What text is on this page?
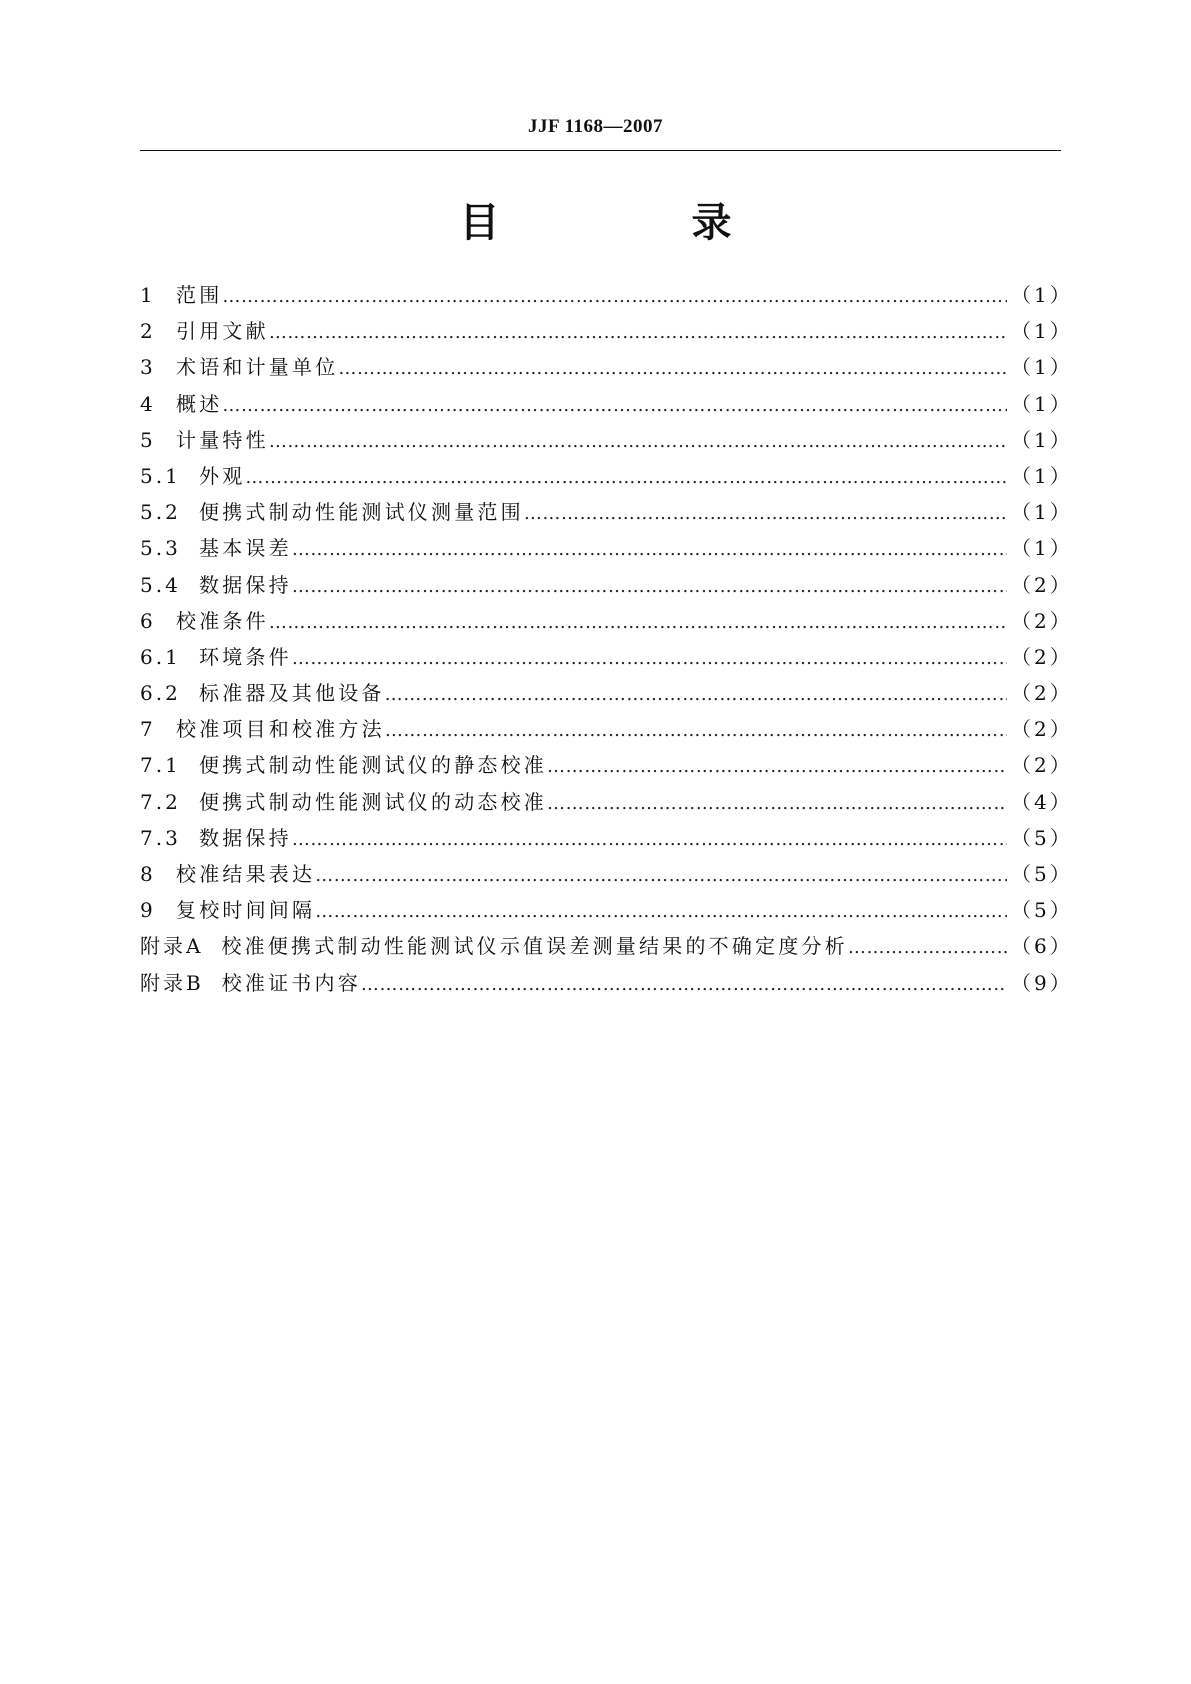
JJF 1168—2007
目　录
1	范围 …………………………………………………………………………………………………………………………………………………………………………………………………………	（1）
2	引用文献 …………………………………………………………………………………………………………………………………………………………………………………………………………	（1）
3	术语和计量单位 …………………………………………………………………………………………………………………………………………………………………………………………………………	（1）
4	概述 …………………………………………………………………………………………………………………………………………………………………………………………………………	（1）
5	计量特性 …………………………………………………………………………………………………………………………………………………………………………………………………………	（1）
5.1 外观 …………………………………………………………………………………………………………………………………………………………………………………………………………	（1）
5.2 便携式制动性能测试仪测量范围 …………………………………………………………………………………………………………………………………………………………………………………………………………	（1）
5.3 基本误差 …………………………………………………………………………………………………………………………………………………………………………………………………………	（1）
5.4 数据保持 …………………………………………………………………………………………………………………………………………………………………………………………………………	（2）
6	校准条件 …………………………………………………………………………………………………………………………………………………………………………………………………………	（2）
6.1 环境条件 …………………………………………………………………………………………………………………………………………………………………………………………………………	（2）
6.2 标准器及其他设备 …………………………………………………………………………………………………………………………………………………………………………………………………………	（2）
7	校准项目和校准方法 …………………………………………………………………………………………………………………………………………………………………………………………………………	（2）
7.1 便携式制动性能测试仪的静态校准 …………………………………………………………………………………………………………………………………………………………………………………………………………	（2）
7.2 便携式制动性能测试仪的动态校准 …………………………………………………………………………………………………………………………………………………………………………………………………………	（4）
7.3 数据保持 …………………………………………………………………………………………………………………………………………………………………………………………………………	（5）
8	校准结果表达 …………………………………………………………………………………………………………………………………………………………………………………………………………	（5）
9	复校时间间隔 …………………………………………………………………………………………………………………………………………………………………………………………………………	（5）
附录A 校准便携式制动性能测试仪示值误差测量结果的不确定度分析 …………………………………………………………………………………………………………………………………………………………………………………………………………	（6）
附录B 校准证书内容 …………………………………………………………………………………………………………………………………………………………………………………………………………	（9）
